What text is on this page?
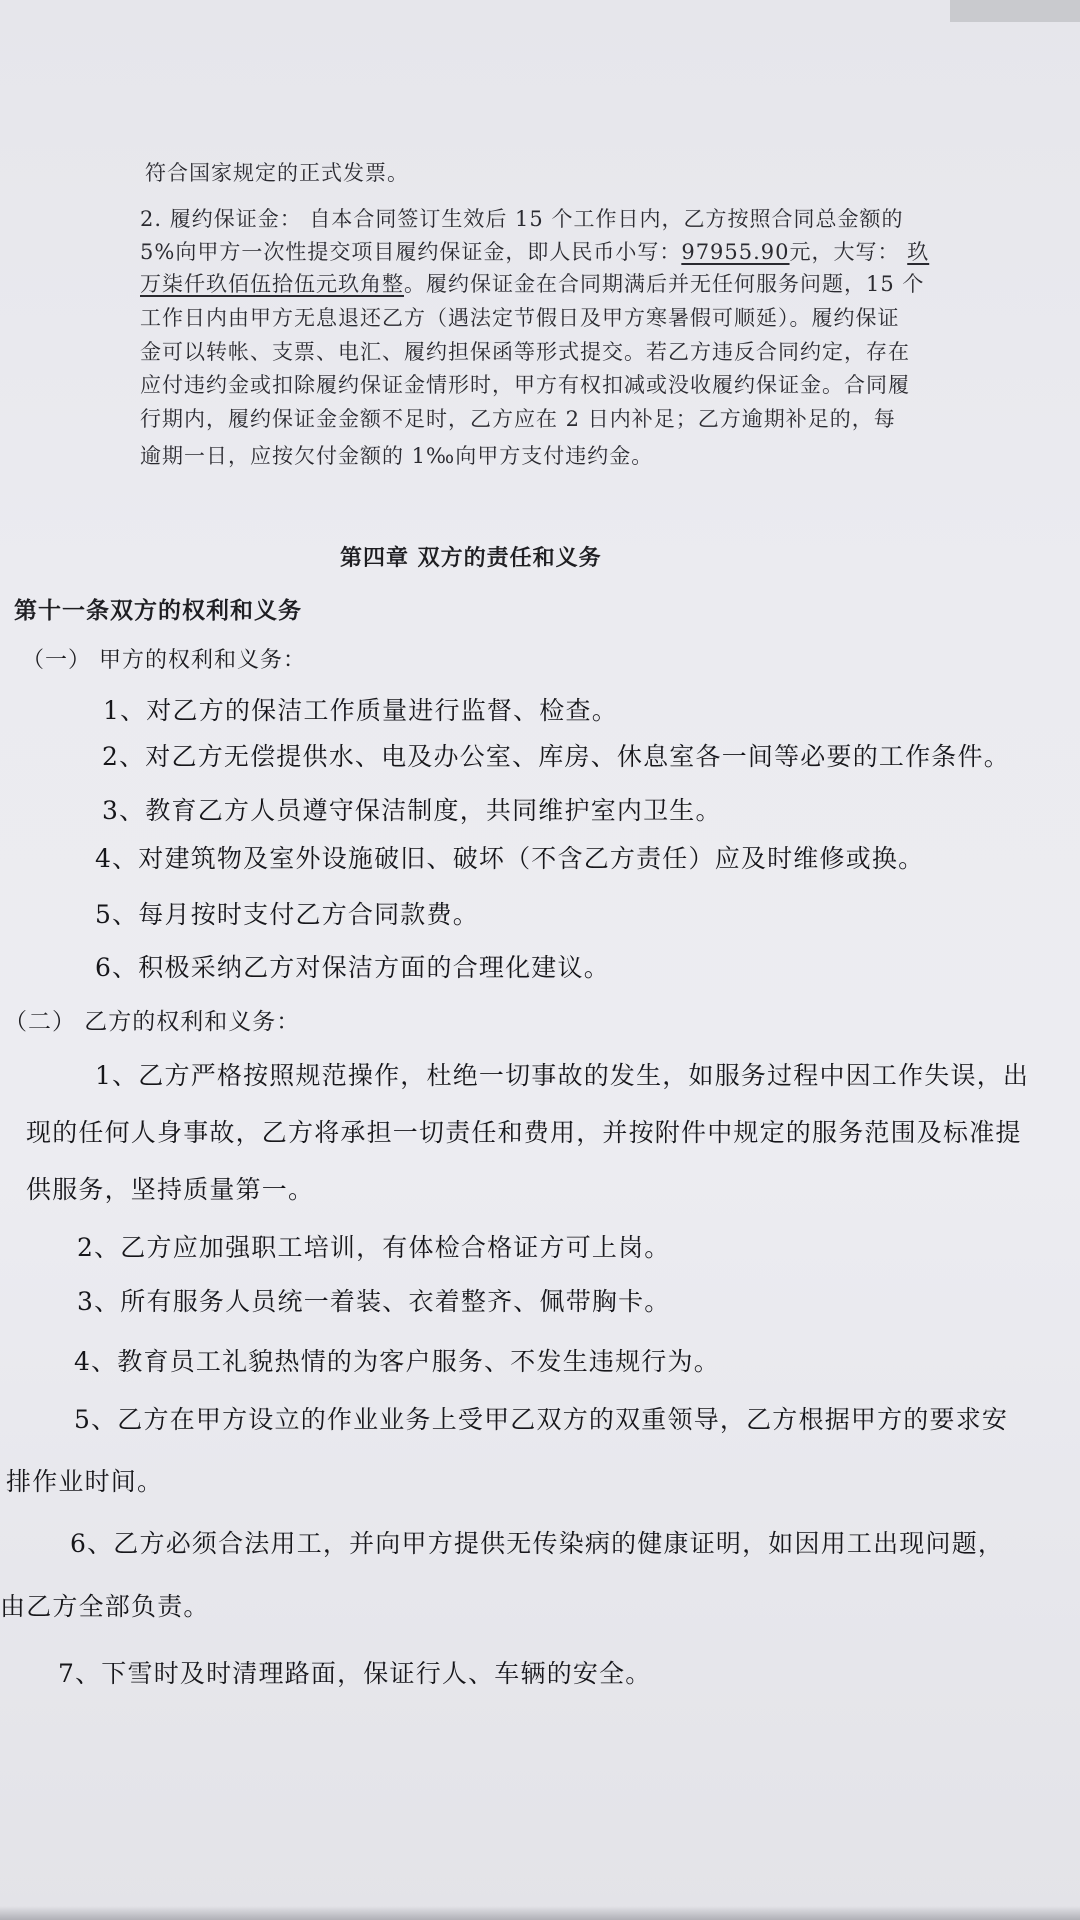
符合国家规定的正式发票。
2. 履约保证金： 自本合同签订生效后 15 个工作日内，乙方按照合同总金额的
5%向甲方一次性提交项目履约保证金，即人民币小写：97955.90元，大写： 玖
万柒仟玖佰伍拾伍元玖角整。履约保证金在合同期满后并无任何服务问题，15 个
工作日内由甲方无息退还乙方（遇法定节假日及甲方寒暑假可顺延）。履约保证
金可以转帐、支票、电汇、履约担保函等形式提交。若乙方违反合同约定，存在
应付违约金或扣除履约保证金情形时，甲方有权扣减或没收履约保证金。合同履
行期内，履约保证金金额不足时，乙方应在 2 日内补足；乙方逾期补足的，每
逾期一日，应按欠付金额的 1‰向甲方支付违约金。
第四章 双方的责任和义务
第十一条双方的权利和义务
（一） 甲方的权利和义务：
1、对乙方的保洁工作质量进行监督、检查。
2、对乙方无偿提供水、电及办公室、库房、休息室各一间等必要的工作条件。
3、教育乙方人员遵守保洁制度，共同维护室内卫生。
4、对建筑物及室外设施破旧、破坏（不含乙方责任）应及时维修或换。
5、每月按时支付乙方合同款费。
6、积极采纳乙方对保洁方面的合理化建议。
（二） 乙方的权利和义务：
1、乙方严格按照规范操作，杜绝一切事故的发生，如服务过程中因工作失误，出
现的任何人身事故，乙方将承担一切责任和费用，并按附件中规定的服务范围及标准提
供服务，坚持质量第一。
2、乙方应加强职工培训，有体检合格证方可上岗。
3、所有服务人员统一着装、衣着整齐、佩带胸卡。
4、教育员工礼貌热情的为客户服务、不发生违规行为。
5、乙方在甲方设立的作业业务上受甲乙双方的双重领导，乙方根据甲方的要求安
排作业时间。
6、乙方必须合法用工，并向甲方提供无传染病的健康证明，如因用工出现问题，
由乙方全部负责。
7、下雪时及时清理路面，保证行人、车辆的安全。
